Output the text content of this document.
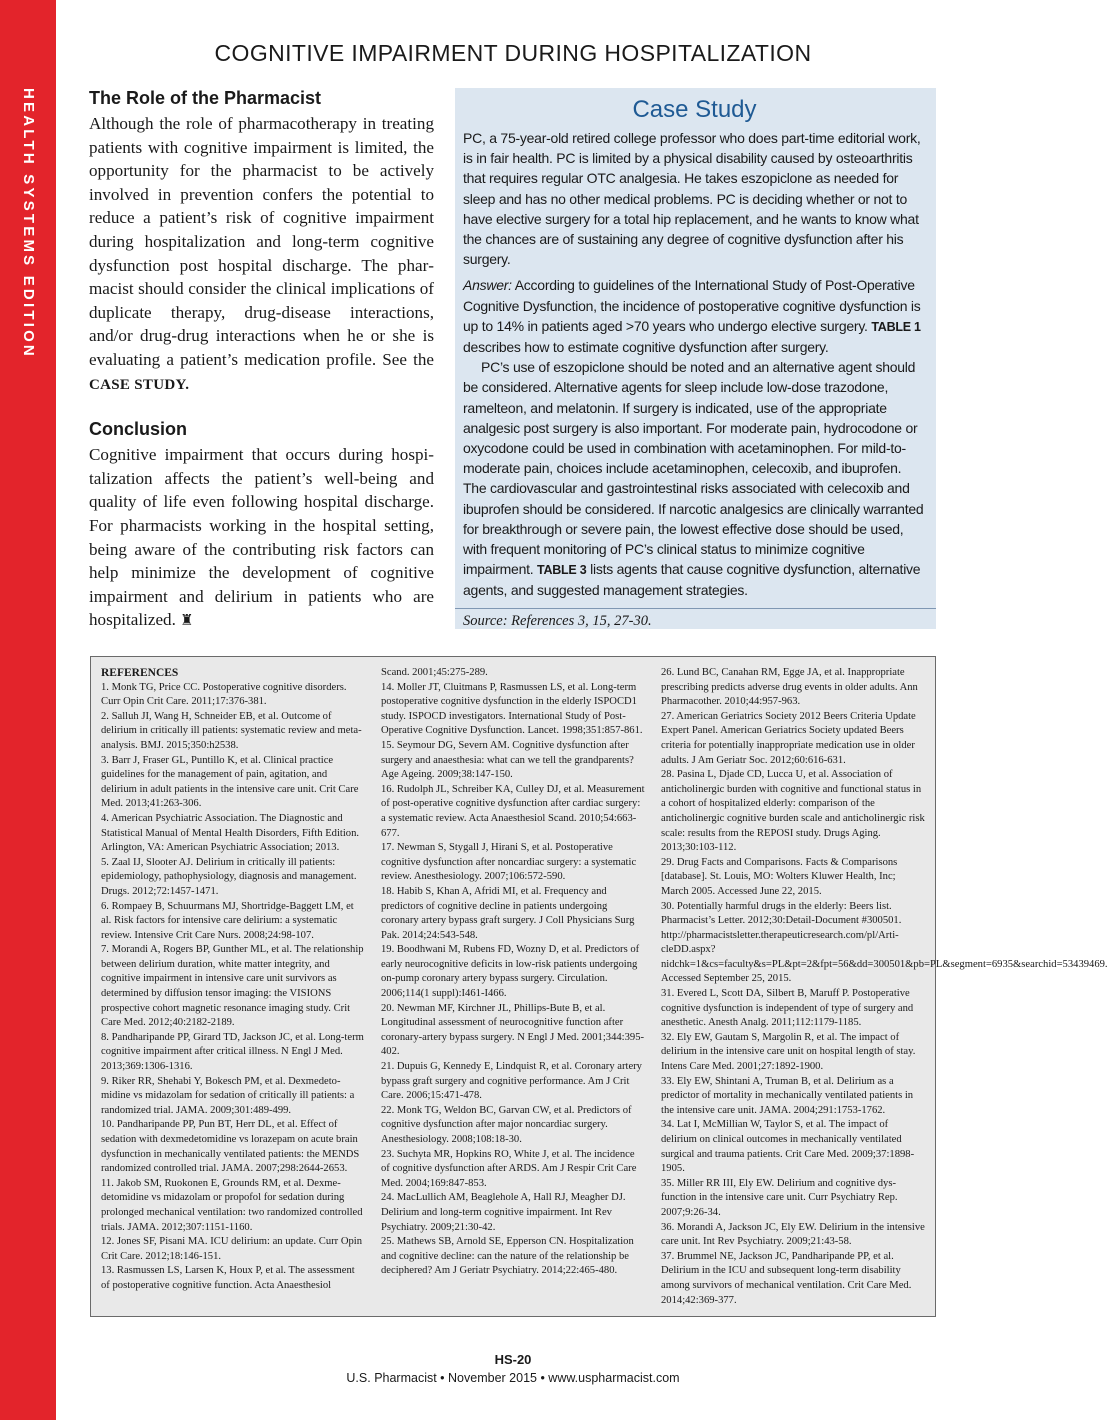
HEALTH SYSTEMS EDITION
COGNITIVE IMPAIRMENT DURING HOSPITALIZATION
The Role of the Pharmacist

Although the role of pharmacotherapy in treating patients with cognitive impairment is limited, the opportunity for the pharmacist to be actively involved in prevention confers the potential to reduce a patient’s risk of cognitive impairment during hospitalization and long-term cognitive dysfunction post hospital discharge. The pharmacist should consider the clinical implications of duplicate therapy, drug-disease interactions, and/or drug-drug interactions when he or she is evaluating a patient’s medication profile. See the CASE STUDY.

Conclusion

Cognitive impairment that occurs during hospitalization affects the patient’s well-being and quality of life even following hospital discharge. For pharmacists working in the hospital setting, being aware of the contributing risk factors can help minimize the development of cognitive impairment and delirium in patients who are hospitalized. ♜

Case Study

PC, a 75-year-old retired college professor who does part-time editorial work, is in fair health. PC is limited by a physical disability caused by osteoarthritis that requires regular OTC analgesia. He takes eszopiclone as needed for sleep and has no other medical problems. PC is deciding whether or not to have elective surgery for a total hip replacement, and he wants to know what the chances are of sustaining any degree of cognitive dysfunction after his surgery.

Answer: According to guidelines of the International Study of Post-Operative Cognitive Dysfunction, the incidence of postoperative cognitive dysfunction is up to 14% in patients aged >70 years who undergo elective surgery. TABLE 1 describes how to estimate cognitive dysfunction after surgery.

PC’s use of eszopiclone should be noted and an alternative agent should be considered. Alternative agents for sleep include low-dose trazodone, ramelteon, and melatonin. If surgery is indicated, use of the appropriate analgesic post surgery is also important. For moderate pain, hydrocodone or oxycodone could be used in combination with acetaminophen. For mild-to-moderate pain, choices include acetaminophen, celecoxib, and ibuprofen. The cardiovascular and gastrointestinal risks associated with celecoxib and ibuprofen should be considered. If narcotic analgesics are clinically warranted for breakthrough or severe pain, the lowest effective dose should be used, with frequent monitoring of PC’s clinical status to minimize cognitive impairment. TABLE 3 lists agents that cause cognitive dysfunction, alternative agents, and suggested management strategies.

Source: References 3, 15, 27-30.

REFERENCES

1. Monk TG, Price CC. Postoperative cognitive disorders. Curr Opin Crit Care. 2011;17:376-381.

2. Salluh JI, Wang H, Schneider EB, et al. Outcome of delirium in critically ill patients: systematic review and meta-analysis. BMJ. 2015;350:h2538.

3. Barr J, Fraser GL, Puntillo K, et al. Clinical practice guidelines for the management of pain, agitation, and delirium in adult patients in the intensive care unit. Crit Care Med. 2013;41:263-306.

4. American Psychiatric Association. The Diagnostic and Statistical Manual of Mental Health Disorders, Fifth Edition. Arlington, VA: American Psychiatric Association; 2013.

5. Zaal IJ, Slooter AJ. Delirium in critically ill patients: epidemiology, pathophysiology, diagnosis and management. Drugs. 2012;72:1457-1471.

6. Rompaey B, Schuurmans MJ, Shortridge-Baggett LM, et al. Risk factors for intensive care delirium: a systematic review. Intensive Crit Care Nurs. 2008;24:98-107.

7. Morandi A, Rogers BP, Gunther ML, et al. The relationship between delirium duration, white matter integrity, and cognitive impairment in intensive care unit survivors as determined by diffusion tensor imaging: the VISIONS prospective cohort magnetic resonance imaging study. Crit Care Med. 2012;40:2182-2189.

8. Pandharipande PP, Girard TD, Jackson JC, et al. Long-term cognitive impairment after critical illness. N Engl J Med. 2013;369:1306-1316.

9. Riker RR, Shehabi Y, Bokesch PM, et al. Dexmedetomidine vs midazolam for sedation of critically ill patients: a randomized trial. JAMA. 2009;301:489-499.

10. Pandharipande PP, Pun BT, Herr DL, et al. Effect of sedation with dexmedetomidine vs lorazepam on acute brain dysfunction in mechanically ventilated patients: the MENDS randomized controlled trial. JAMA. 2007;298:2644-2653.

11. Jakob SM, Ruokonen E, Grounds RM, et al. Dexmedetomidine vs midazolam or propofol for sedation during prolonged mechanical ventilation: two randomized controlled trials. JAMA. 2012;307:1151-1160.

12. Jones SF, Pisani MA. ICU delirium: an update. Curr Opin Crit Care. 2012;18:146-151.

13. Rasmussen LS, Larsen K, Houx P, et al. The assessment of postoperative cognitive function. Acta Anaesthesiol

Scand. 2001;45:275-289.

14. Moller JT, Cluitmans P, Rasmussen LS, et al. Long-term postoperative cognitive dysfunction in the elderly ISPOCD1 study. ISPOCD investigators. International Study of Post-Operative Cognitive Dysfunction. Lancet. 1998;351:857-861.

15. Seymour DG, Severn AM. Cognitive dysfunction after surgery and anaesthesia: what can we tell the grandparents? Age Ageing. 2009;38:147-150.

16. Rudolph JL, Schreiber KA, Culley DJ, et al. Measurement of post-operative cognitive dysfunction after cardiac surgery: a systematic review. Acta Anaesthesiol Scand. 2010;54:663-677.

17. Newman S, Stygall J, Hirani S, et al. Postoperative cognitive dysfunction after noncardiac surgery: a systematic review. Anesthesiology. 2007;106:572-590.

18. Habib S, Khan A, Afridi MI, et al. Frequency and predictors of cognitive decline in patients undergoing coronary artery bypass graft surgery. J Coll Physicians Surg Pak. 2014;24:543-548.

19. Boodhwani M, Rubens FD, Wozny D, et al. Predictors of early neurocognitive deficits in low-risk patients undergoing on-pump coronary artery bypass surgery. Circulation. 2006;114(1 suppl):I461-I466.

20. Newman MF, Kirchner JL, Phillips-Bute B, et al. Longitudinal assessment of neurocognitive function after coronary-artery bypass surgery. N Engl J Med. 2001;344:395-402.

21. Dupuis G, Kennedy E, Lindquist R, et al. Coronary artery bypass graft surgery and cognitive performance. Am J Crit Care. 2006;15:471-478.

22. Monk TG, Weldon BC, Garvan CW, et al. Predictors of cognitive dysfunction after major noncardiac surgery. Anesthesiology. 2008;108:18-30.

23. Suchyta MR, Hopkins RO, White J, et al. The incidence of cognitive dysfunction after ARDS. Am J Respir Crit Care Med. 2004;169:847-853.

24. MacLullich AM, Beaglehole A, Hall RJ, Meagher DJ. Delirium and long-term cognitive impairment. Int Rev Psychiatry. 2009;21:30-42.

25. Mathews SB, Arnold SE, Epperson CN. Hospitalization and cognitive decline: can the nature of the relationship be deciphered? Am J Geriatr Psychiatry. 2014;22:465-480.

26. Lund BC, Canahan RM, Egge JA, et al. Inappropriate prescribing predicts adverse drug events in older adults. Ann Pharmacother. 2010;44:957-963.

27. American Geriatrics Society 2012 Beers Criteria Update Expert Panel. American Geriatrics Society updated Beers criteria for potentially inappropriate medication use in older adults. J Am Geriatr Soc. 2012;60:616-631.

28. Pasina L, Djade CD, Lucca U, et al. Association of anticholinergic burden with cognitive and functional status in a cohort of hospitalized elderly: comparison of the anticholinergic cognitive burden scale and anticholinergic risk scale: results from the REPOSI study. Drugs Aging. 2013;30:103-112.

29. Drug Facts and Comparisons. Facts & Comparisons [database]. St. Louis, MO: Wolters Kluwer Health, Inc; March 2005. Accessed June 22, 2015.

30. Potentially harmful drugs in the elderly: Beers list. Pharmacist’s Letter. 2012;30:Detail-Document #300501. http://pharmacistsletter.therapeuticresearch.com/pl/ArticleDD.aspx?nidchk=1&cs=faculty&s=PL&pt=2&fpt=56&dd=300501&pb=PL&segment=6935&searchid=53439469. Accessed September 25, 2015.

31. Evered L, Scott DA, Silbert B, Maruff P. Postoperative cognitive dysfunction is independent of type of surgery and anesthetic. Anesth Analg. 2011;112:1179-1185.

32. Ely EW, Gautam S, Margolin R, et al. The impact of delirium in the intensive care unit on hospital length of stay. Intens Care Med. 2001;27:1892-1900.

33. Ely EW, Shintani A, Truman B, et al. Delirium as a predictor of mortality in mechanically ventilated patients in the intensive care unit. JAMA. 2004;291:1753-1762.

34. Lat I, McMillian W, Taylor S, et al. The impact of delirium on clinical outcomes in mechanically ventilated surgical and trauma patients. Crit Care Med. 2009;37:1898-1905.

35. Miller RR III, Ely EW. Delirium and cognitive dysfunction in the intensive care unit. Curr Psychiatry Rep. 2007;9:26-34.

36. Morandi A, Jackson JC, Ely EW. Delirium in the intensive care unit. Int Rev Psychiatry. 2009;21:43-58.

37. Brummel NE, Jackson JC, Pandharipande PP, et al. Delirium in the ICU and subsequent long-term disability among survivors of mechanical ventilation. Crit Care Med. 2014;42:369-377.

HS-20
U.S. Pharmacist • November 2015 • www.uspharmacist.com
